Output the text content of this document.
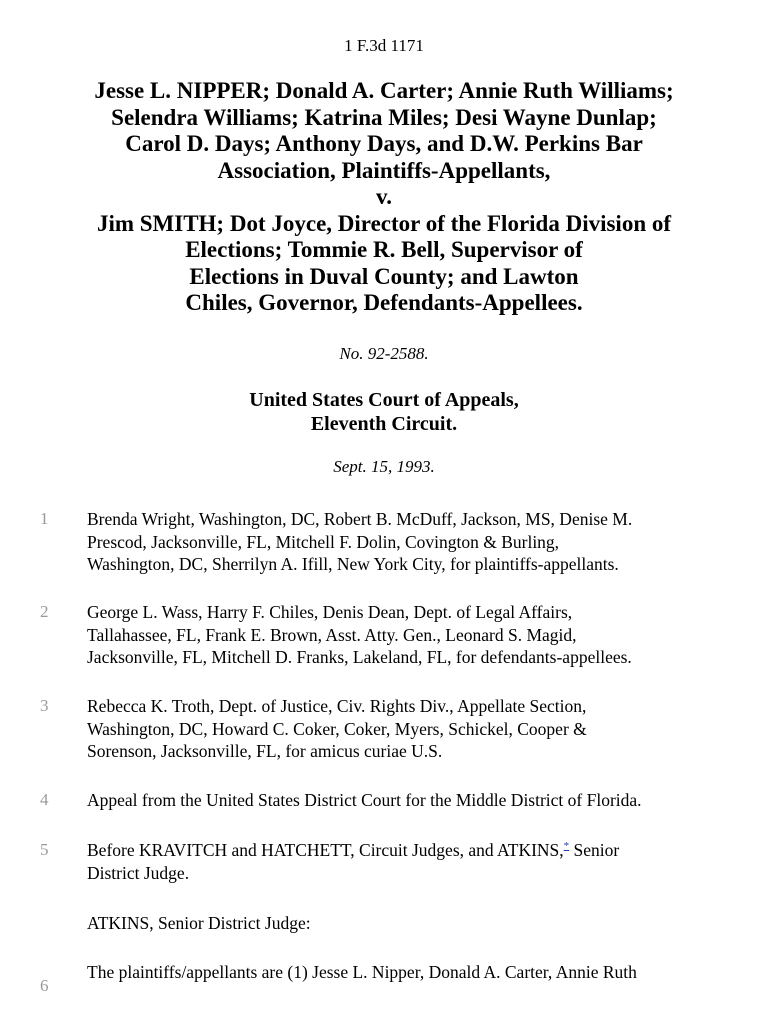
1 F.3d 1171
Jesse L. NIPPER; Donald A. Carter; Annie Ruth Williams;
Selendra Williams; Katrina Miles; Desi Wayne Dunlap;
Carol D. Days; Anthony Days, and D.W. Perkins Bar
Association, Plaintiffs-Appellants,
v.
Jim SMITH; Dot Joyce, Director of the Florida Division of
Elections; Tommie R. Bell, Supervisor of
Elections in Duval County; and Lawton
Chiles, Governor, Defendants-Appellees.
No. 92-2588.
United States Court of Appeals,
Eleventh Circuit.
Sept. 15, 1993.
1	Brenda Wright, Washington, DC, Robert B. McDuff, Jackson, MS, Denise M.
Prescod, Jacksonville, FL, Mitchell F. Dolin, Covington & Burling,
Washington, DC, Sherrilyn A. Ifill, New York City, for plaintiffs-appellants.
2	George L. Wass, Harry F. Chiles, Denis Dean, Dept. of Legal Affairs,
Tallahassee, FL, Frank E. Brown, Asst. Atty. Gen., Leonard S. Magid,
Jacksonville, FL, Mitchell D. Franks, Lakeland, FL, for defendants-appellees.
3	Rebecca K. Troth, Dept. of Justice, Civ. Rights Div., Appellate Section,
Washington, DC, Howard C. Coker, Coker, Myers, Schickel, Cooper &
Sorenson, Jacksonville, FL, for amicus curiae U.S.
4	Appeal from the United States District Court for the Middle District of Florida.
5	Before KRAVITCH and HATCHETT, Circuit Judges, and ATKINS,* Senior
District Judge.
ATKINS, Senior District Judge:
6
The plaintiffs/appellants are (1) Jesse L. Nipper, Donald A. Carter, Annie Ruth
